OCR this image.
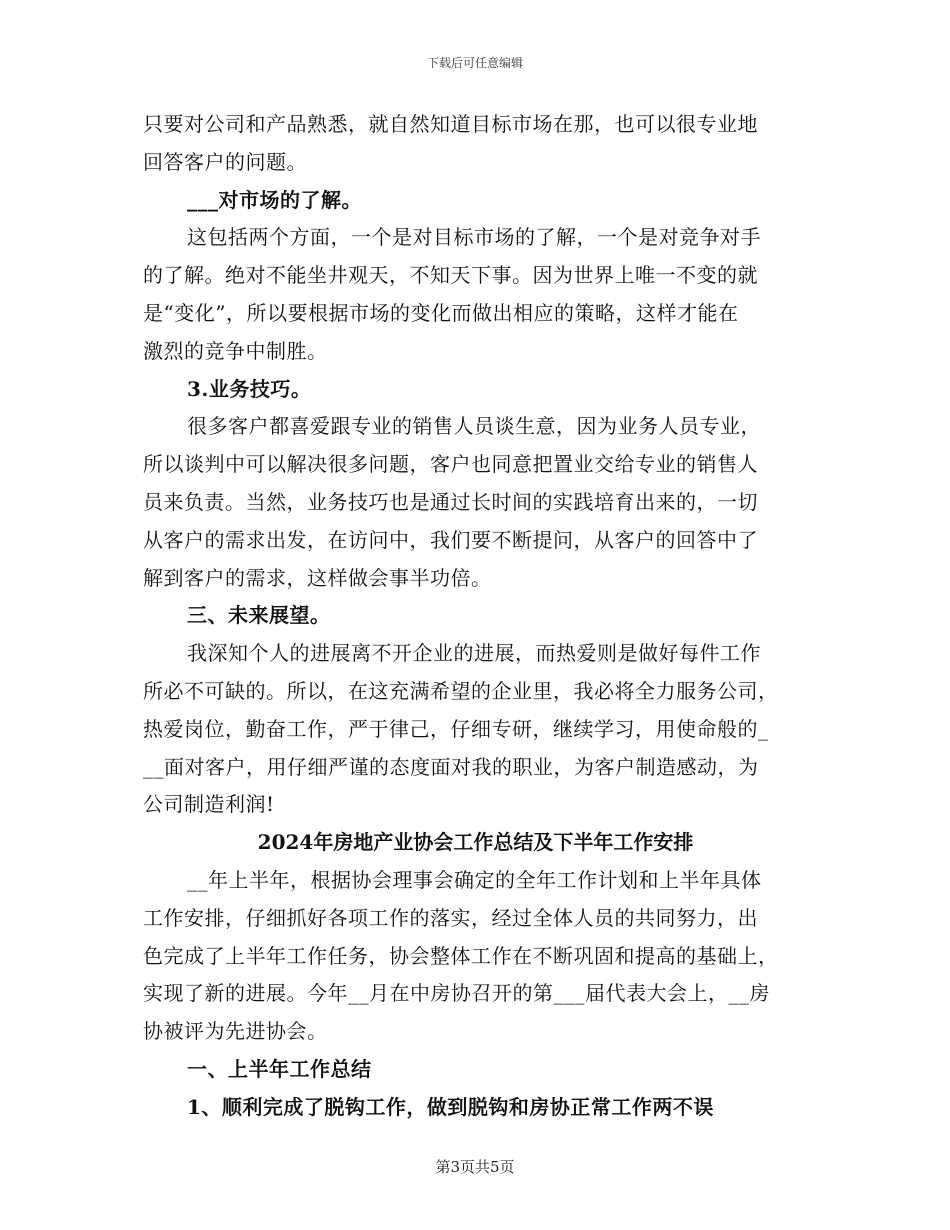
下载后可任意编辑
只要对公司和产品熟悉，就自然知道目标市场在那，也可以很专业地
回答客户的问题。
___对市场的了解。
这包括两个方面，一个是对目标市场的了解，一个是对竞争对手
的了解。绝对不能坐井观天，不知天下事。因为世界上唯一不变的就
是“变化”，所以要根据市场的变化而做出相应的策略，这样才能在
激烈的竞争中制胜。
3.业务技巧。
很多客户都喜爱跟专业的销售人员谈生意，因为业务人员专业，
所以谈判中可以解决很多问题，客户也同意把置业交给专业的销售人
员来负责。当然，业务技巧也是通过长时间的实践培育出来的，一切
从客户的需求出发，在访问中，我们要不断提问，从客户的回答中了
解到客户的需求，这样做会事半功倍。
三、未来展望。
我深知个人的进展离不开企业的进展，而热爱则是做好每件工作
所必不可缺的。所以，在这充满希望的企业里，我必将全力服务公司，
热爱岗位，勤奋工作，严于律己，仔细专研，继续学习，用使命般的_
__面对客户，用仔细严谨的态度面对我的职业，为客户制造感动，为
公司制造利润!
2024年房地产业协会工作总结及下半年工作安排
__年上半年，根据协会理事会确定的全年工作计划和上半年具体
工作安排，仔细抓好各项工作的落实，经过全体人员的共同努力，出
色完成了上半年工作任务，协会整体工作在不断巩固和提高的基础上，
实现了新的进展。今年__月在中房协召开的第___届代表大会上，__房
协被评为先进协会。
一、上半年工作总结
1、顺利完成了脱钩工作，做到脱钩和房协正常工作两不误
第3页共5页
